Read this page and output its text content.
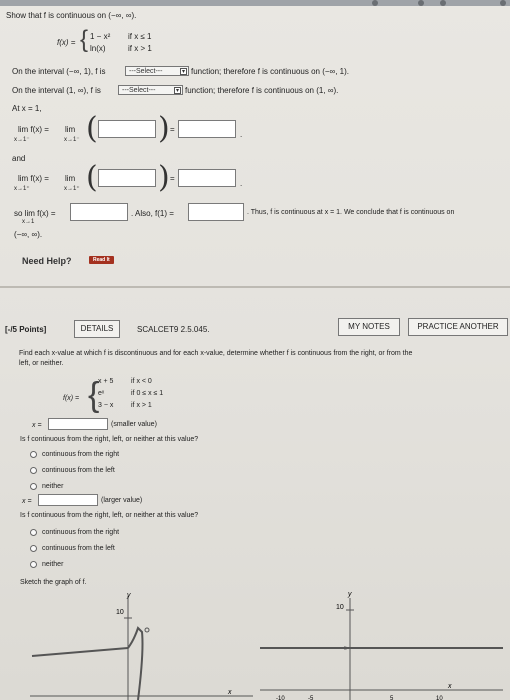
Show that f is continuous on (−∞, ∞).
f(x) = { 1 − x² if x ≤ 1
ln(x)	if x > 1
On the interval (−∞, 1), f is	---Select---	▾ function; therefore f is continuous on (−∞, 1).
On the interval (1, ∞), f is	---Select---	▾ function; therefore f is continuous on (1, ∞).
At x = 1,
lim f(x) =
x→1⁻
lim
x→1⁻ ( ) =
.
and
lim f(x) =
x→1⁺
lim
x→1⁺ ( ) =
.
so lim f(x) =
x→1
. Also, f(1) =	. Thus, f is continuous at x = 1. We conclude that f is continuous on
(−∞, ∞).
Need Help?	Read It
[-/5 Points]	DETAILS	SCALCET9 2.5.045.	MY NOTES	PRACTICE ANOTHER
Find each x-value at which f is discontinuous and for each x-value, determine whether f is continuous from the right, or from the
left, or neither.
f(x) = {
x + 5	if x < 0
eˣ	if 0 ≤ x ≤ 1
3 − x	if x > 1
x =	(smaller value)
Is f continuous from the right, left, or neither at this value?
continuous from the right
continuous from the left
neither
x =	(larger value)
Is f continuous from the right, left, or neither at this value?
continuous from the right
continuous from the left
neither
Sketch the graph of f.
y
10
x
y
10
x
5
-10	-5	5	10
